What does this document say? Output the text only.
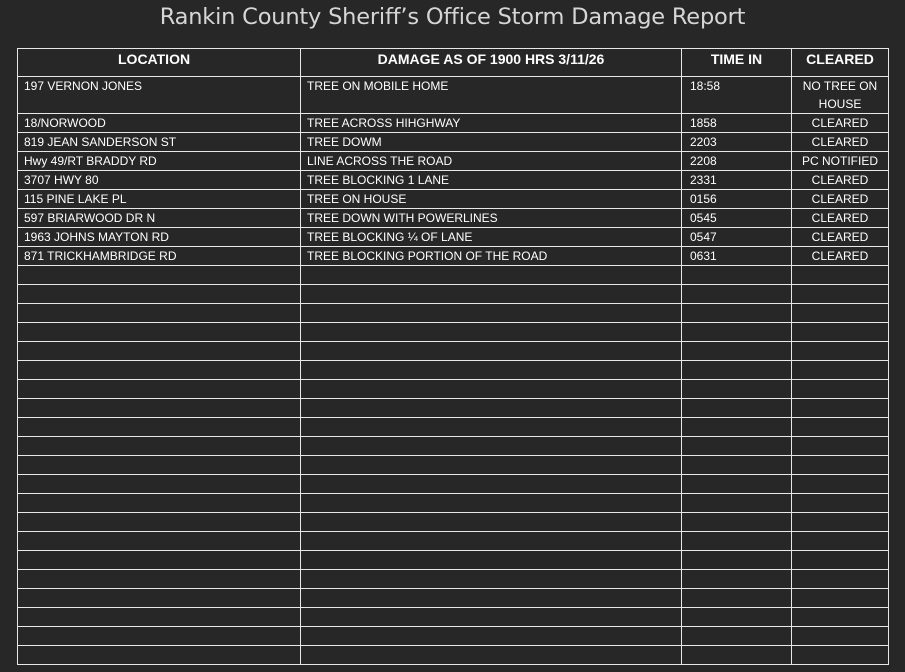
Rankin County Sheriff’s Office Storm Damage Report
LOCATION	DAMAGE AS OF 1900 HRS 3/11/26	TIME IN	CLEARED
197 VERNON JONES	TREE ON MOBILE HOME	18:58	NO TREE ON HOUSE
18/NORWOOD	TREE ACROSS HIHGHWAY	1858	CLEARED
819 JEAN SANDERSON ST	TREE DOWM	2203	CLEARED
Hwy 49/RT BRADDY RD	LINE ACROSS THE ROAD	2208	PC NOTIFIED
3707 HWY 80	TREE BLOCKING 1 LANE	2331	CLEARED
115 PINE LAKE PL	TREE ON HOUSE	0156	CLEARED
597 BRIARWOOD DR N	TREE DOWN WITH POWERLINES	0545	CLEARED
1963 JOHNS MAYTON RD	TREE BLOCKING ¼ OF LANE	0547	CLEARED
871 TRICKHAMBRIDGE RD	TREE BLOCKING PORTION OF THE ROAD	0631	CLEARED
